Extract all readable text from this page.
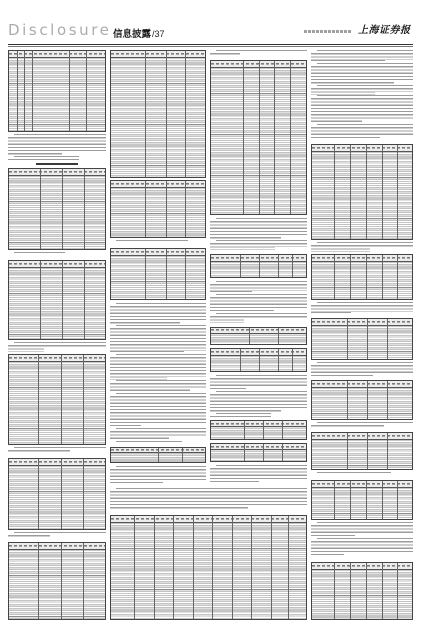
Disclosure 信息披露/37	上海证券报
